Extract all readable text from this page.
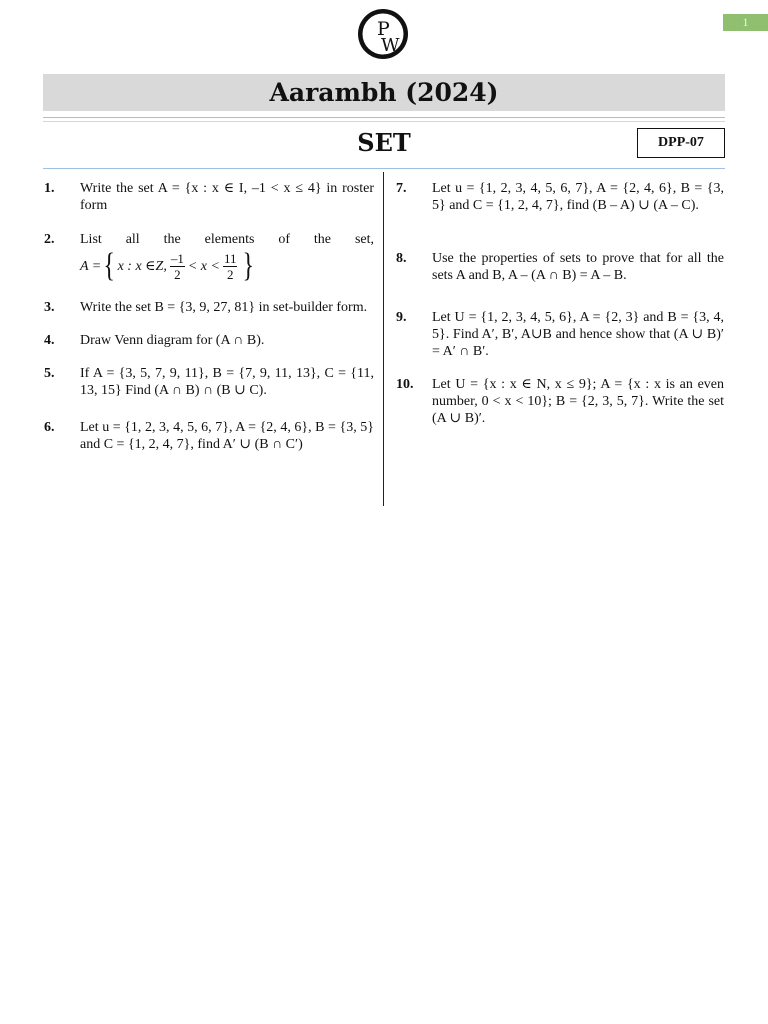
1
P
W
Aarambh (2024)
SET	DPP-07
1.	Write the set A = {x : x ∈ I, –1 < x ≤ 4} in roster form
2.	List all the elements of the set,
A = { x : x ∈Z, $\frac{-1}{2} < x < \frac{11}{2}$ }
3.	Write the set B = {3, 9, 27, 81} in set-builder form.
4.	Draw Venn diagram for (A ∩ B).
5.	If A = {3, 5, 7, 9, 11}, B = {7, 9, 11, 13}, C = {11, 13, 15} Find (A ∩ B) ∩ (B ∪ C).
6.	Let u = {1, 2, 3, 4, 5, 6, 7}, A = {2, 4, 6}, B = {3, 5} and C = {1, 2, 4, 7}, find A′ ∪ (B ∩ C′)
7.	Let u = {1, 2, 3, 4, 5, 6, 7}, A = {2, 4, 6}, B = {3, 5} and C = {1, 2, 4, 7}, find (B – A) ∪ (A – C).
8.	Use the properties of sets to prove that for all the sets A and B, A – (A ∩ B) = A – B.
9.	Let U = {1, 2, 3, 4, 5, 6}, A = {2, 3} and B = {3, 4, 5}. Find A′, B′, A∪B and hence show that (A ∪ B)′ = A′ ∩ B′.
10.	Let U = {x : x ∈ N, x ≤ 9}; A = {x : x is an even number, 0 < x < 10}; B = {2, 3, 5, 7}. Write the set (A ∪ B)′.
